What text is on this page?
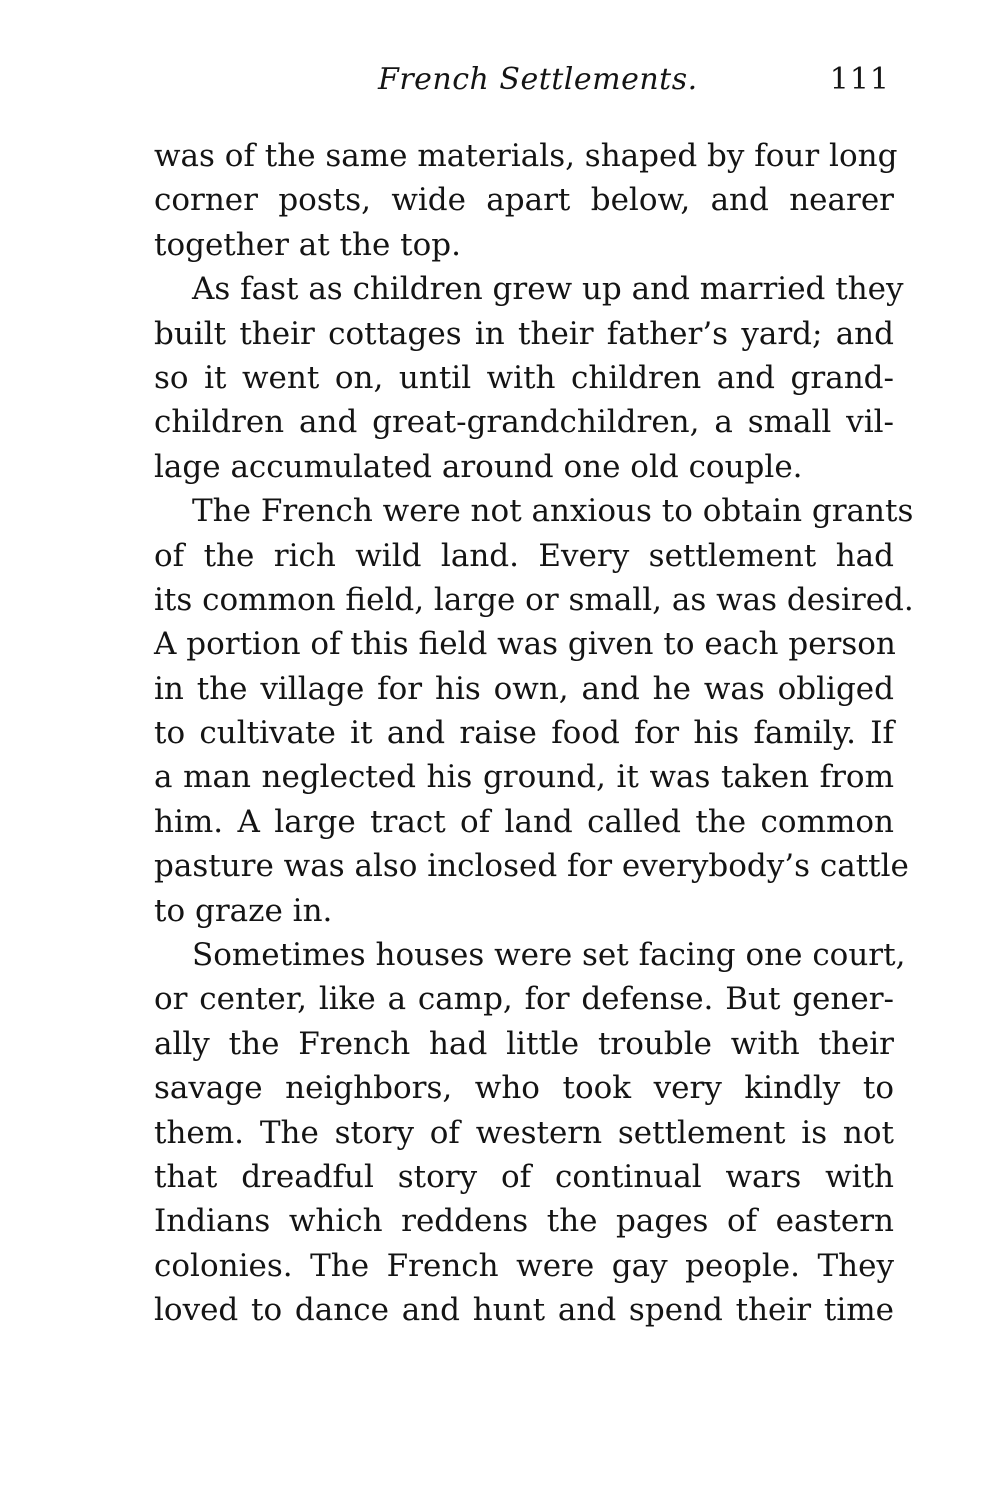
French Settlements.	111
was of the same materials, shaped by four long
corner posts, wide apart below, and nearer
together at the top.
As fast as children grew up and married they
built their cottages in their father’s yard; and
so it went on, until with children and grand-
children and great-grandchildren, a small vil-
lage accumulated around one old couple.
The French were not anxious to obtain grants
of the rich wild land. Every settlement had
its common field, large or small, as was desired.
A portion of this field was given to each person
in the village for his own, and he was obliged
to cultivate it and raise food for his family. If
a man neglected his ground, it was taken from
him. A large tract of land called the common
pasture was also inclosed for everybody’s cattle
to graze in.
Sometimes houses were set facing one court,
or center, like a camp, for defense. But gener-
ally the French had little trouble with their
savage neighbors, who took very kindly to
them. The story of western settlement is not
that dreadful story of continual wars with
Indians which reddens the pages of eastern
colonies. The French were gay people. They
loved to dance and hunt and spend their time
